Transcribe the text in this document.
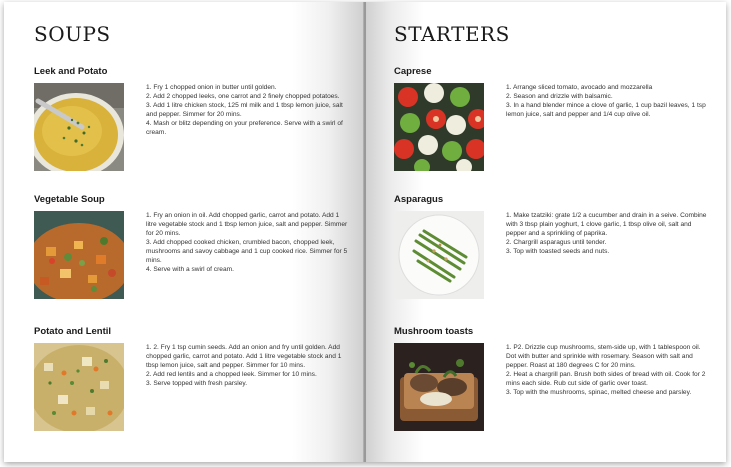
SOUPS
Leek and Potato
1. Fry 1 chopped onion in butter until golden.
2. Add 2 chopped leeks, one carrot and 2 finely chopped potatoes.
3. Add 1 litre chicken stock, 125 ml milk and 1 tbsp lemon juice, salt and pepper. Simmer for 20 mins.
4. Mash or blitz depending on your preference. Serve with a swirl of cream.
Vegetable Soup
1. Fry an onion in oil. Add chopped garlic, carrot and potato. Add 1 litre vegetable stock and 1 tbsp lemon juice, salt and pepper. Simmer for 20 mins.
3. Add chopped cooked chicken, crumbled bacon, chopped leek, mushrooms and savoy cabbage and 1 cup cooked rice. Simmer for 5 mins.
4. Serve with a swirl of cream.
Potato and Lentil
1. 2. Fry 1 tsp cumin seeds. Add an onion and fry until golden. Add chopped garlic, carrot and potato. Add 1 litre vegetable stock and 1 tbsp lemon juice, salt and pepper. Simmer for 10 mins.
2. Add red lentils and a chopped leek. Simmer for 10 mins.
3. Serve topped with fresh parsley.
STARTERS
Caprese
1. Arrange sliced tomato, avocado and mozzarella
2. Season and drizzle with balsamic.
3. In a hand blender mince a clove of garlic, 1 cup bazil leaves, 1 tsp lemon juice, salt and pepper and 1/4 cup olive oil.
Asparagus
1. Make tzatziki: grate 1/2 a cucumber and drain in a seive. Combine with 3 tbsp plain yoghurt, 1 clove garlic, 1 tbsp olive oil, salt and pepper and a sprinkling of paprika.
2. Chargrill asparagus until tender.
3. Top with toasted seeds and nuts.
Mushroom toasts
1. P2. Drizzle cup mushrooms, stem-side up, with 1 tablespoon oil. Dot with butter and sprinkle with rosemary. Season with salt and pepper. Roast at 180 degrees C for 20 mins.
2. Heat a chargrill pan. Brush both sides of bread with oil. Cook for 2 mins each side. Rub cut side of garlic over toast.
3. Top with the mushrooms, spinac, melted cheese and parsley.
